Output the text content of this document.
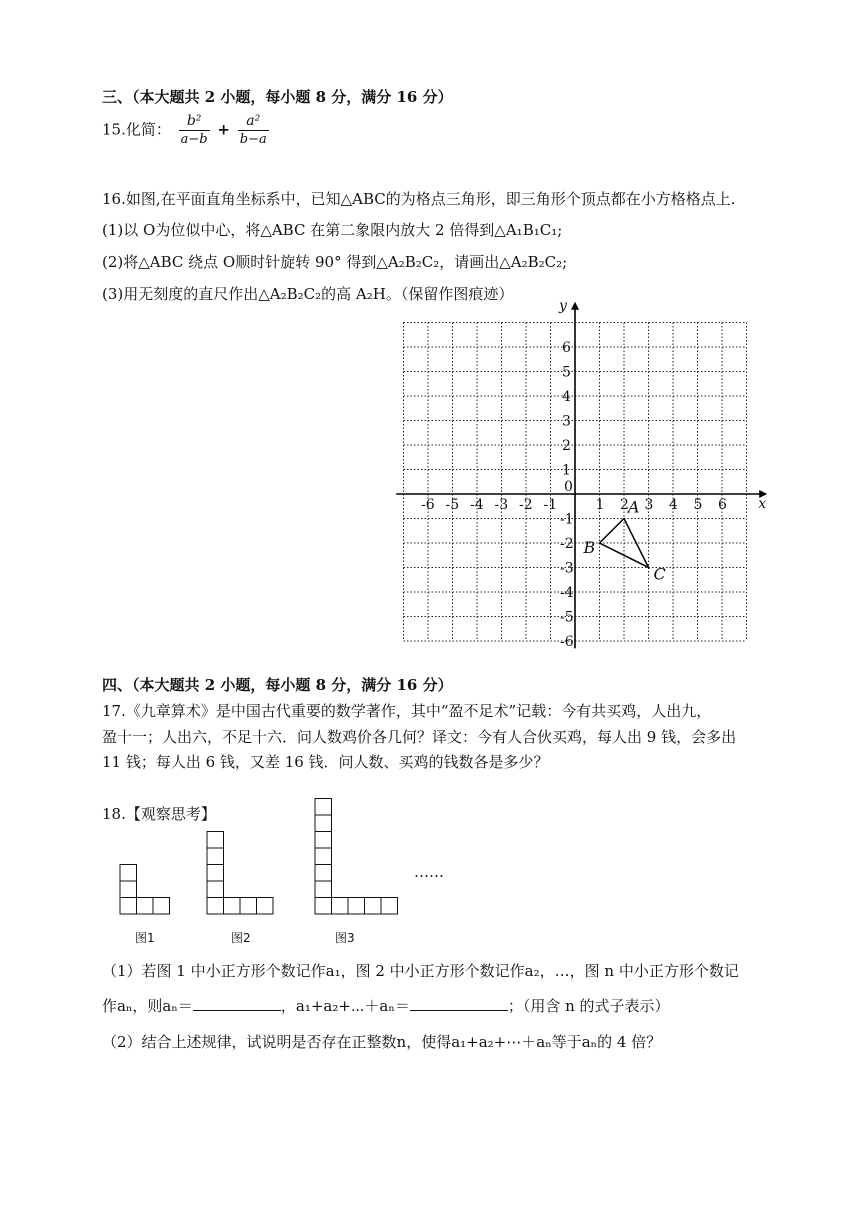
三、（本大题共 2 小题，每小题 8 分，满分 16 分）
15.化简： $\frac{\text{b²}}{a-b} + \frac{\text{a²}}{b-a}$
16.如图,在平面直角坐标系中，已知△ABC的为格点三角形，即三角形个顶点都在小方格格点上.
(1)以 O为位似中心，将△ABC 在第二象限内放大 2 倍得到△A₁B₁C₁;
(2)将△ABC 绕点 O顺时针旋转 90° 得到△A₂B₂C₂，请画出△A₂B₂C₂;
(3)用无刻度的直尺作出△A₂B₂C₂的高 A₂H。（保留作图痕迹）
-6 -5 -4 -3 -2 -1	1 2 3 4 5 6
6
5
4
3
2
1
-1
-2
-3
-4
-5
-6
0
x
y
A
B
C
四、（本大题共 2 小题，每小题 8 分，满分 16 分）
17.《九章算术》是中国古代重要的数学著作，其中“盈不足术”记载：今有共买鸡，人出九，
盈十一；人出六，不足十六．问人数鸡价各几何？译文：今有人合伙买鸡，每人出 9 钱，会多出
11 钱；每人出 6 钱，又差 16 钱．问人数、买鸡的钱数各是多少？
18.【观察思考】
图1	图2	图3
……
（1）若图 1 中小正方形个数记作a₁，图 2 中小正方形个数记作a₂，…，图 n 中小正方形个数记
作aₙ，则aₙ＝	，a₁+a₂+⋯＋aₙ＝	；（用含 n 的式子表示）
（2）结合上述规律，试说明是否存在正整数n，使得a₁+a₂+⋯＋aₙ等于aₙ的 4 倍？
